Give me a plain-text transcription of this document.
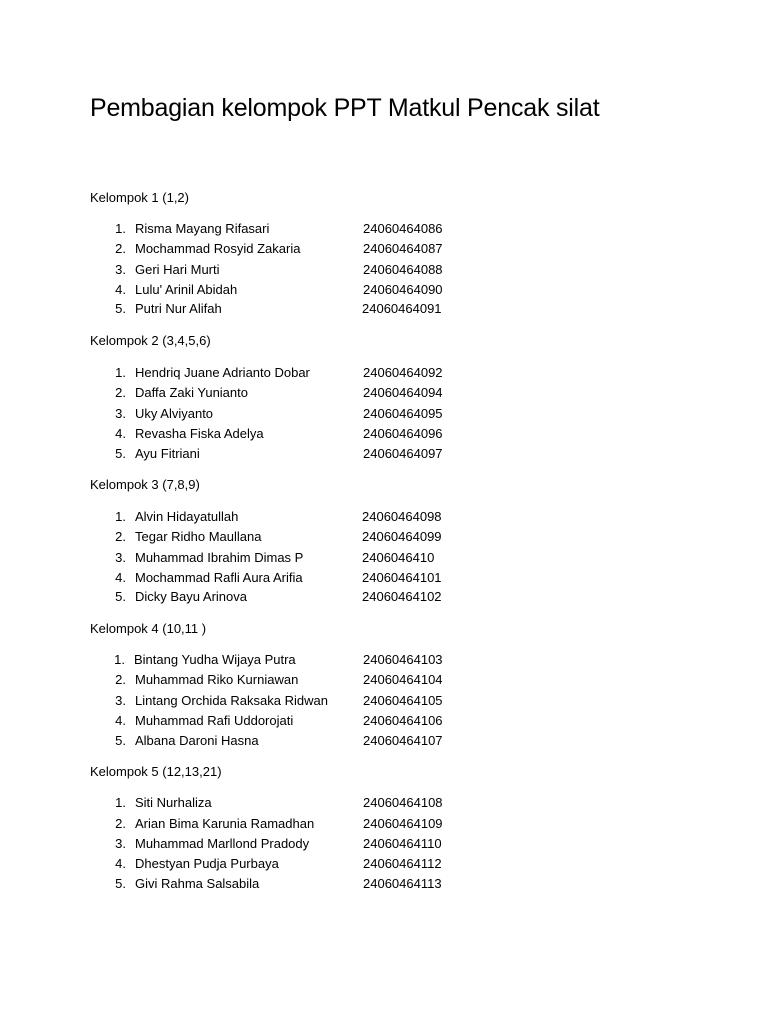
Pembagian kelompok PPT Matkul Pencak silat
Kelompok 1 (1,2)
1. Risma Mayang Rifasari	24060464086
2. Mochammad Rosyid Zakaria	24060464087
3. Geri Hari Murti	24060464088
4. Lulu' Arinil Abidah	24060464090
5. Putri Nur Alifah	24060464091
Kelompok 2 (3,4,5,6)
1. Hendriq Juane Adrianto Dobar	24060464092
2. Daffa Zaki Yunianto	24060464094
3. Uky Alviyanto	24060464095
4. Revasha Fiska Adelya	24060464096
5. Ayu Fitriani	24060464097
Kelompok 3 (7,8,9)
1. Alvin Hidayatullah	24060464098
2. Tegar Ridho Maullana	24060464099
3. Muhammad Ibrahim Dimas P	2406046410
4. Mochammad Rafli Aura Arifia	24060464101
5. Dicky Bayu Arinova	24060464102
Kelompok 4 (10,11 )
1. Bintang Yudha Wijaya Putra	24060464103
2. Muhammad Riko Kurniawan	24060464104
3. Lintang Orchida Raksaka Ridwan	24060464105
4. Muhammad Rafi Uddorojati	24060464106
5. Albana Daroni Hasna	24060464107
Kelompok 5 (12,13,21)
1. Siti Nurhaliza	24060464108
2. Arian Bima Karunia Ramadhan	24060464109
3. Muhammad Marllond Pradody	24060464110
4. Dhestyan Pudja Purbaya	24060464112
5. Givi Rahma Salsabila	24060464113
